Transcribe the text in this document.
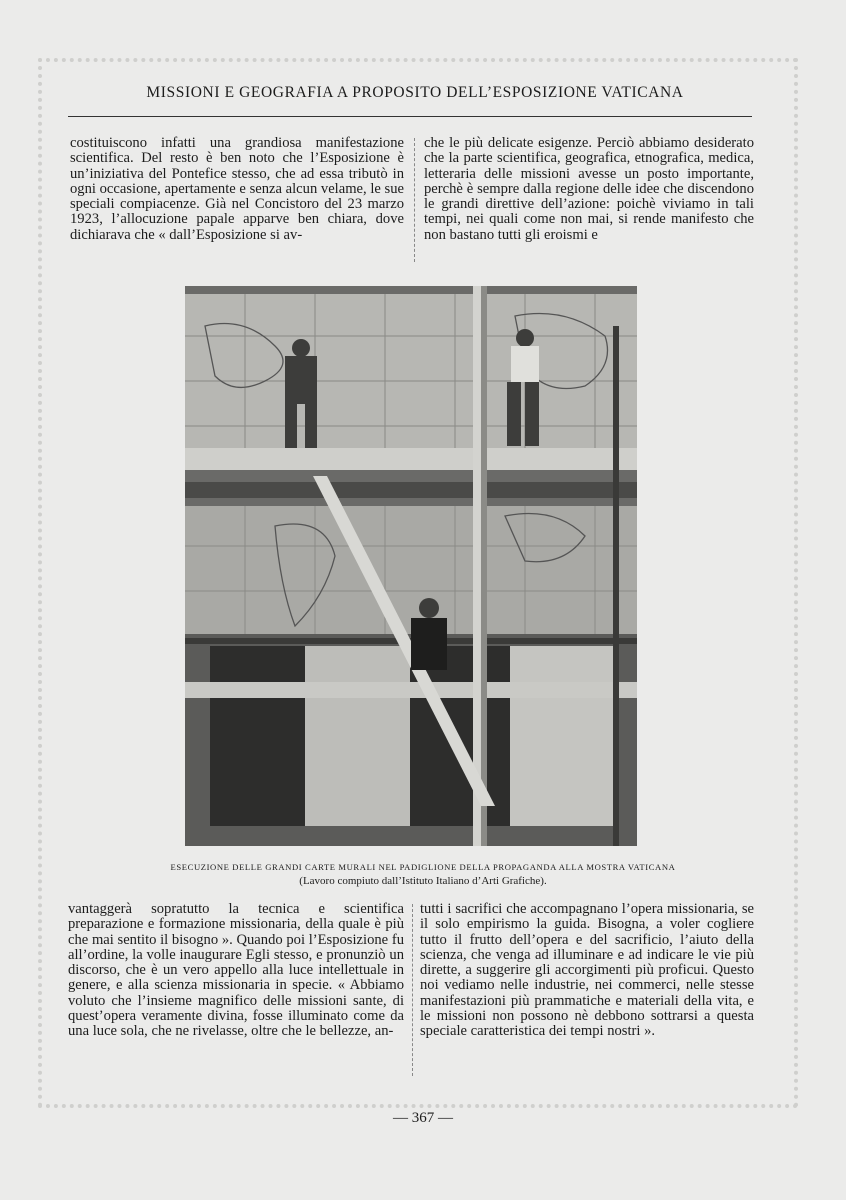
MISSIONI E GEOGRAFIA A PROPOSITO DELL’ESPOSIZIONE VATICANA

costituiscono infatti una grandiosa manifestazione scientifica. Del resto è ben noto che l’Esposizione è un’iniziativa del Pontefice stesso, che ad essa tributò in ogni occasione, apertamente e senza alcun velame, le sue speciali compiacenze. Già nel Concistoro del 23 marzo 1923, l’allocuzione papale apparve ben chiara, dove dichiarava che « dall’Esposizione si av-

che le più delicate esigenze. Perciò abbiamo desiderato che la parte scientifica, geografica, etnografica, medica, letteraria delle missioni avesse un posto importante, perchè è sempre dalla regione delle idee che discendono le grandi direttive dell’azione: poichè viviamo in tali tempi, nei quali come non mai, si rende manifesto che non bastano tutti gli eroismi e

ESECUZIONE DELLE GRANDI CARTE MURALI NEL PADIGLIONE DELLA PROPAGANDA ALLA MOSTRA VATICANA

(Lavoro compiuto dall’Istituto Italiano d’Arti Grafiche).

vantaggerà sopratutto la tecnica e scientifica preparazione e formazione missionaria, della quale è più che mai sentito il bisogno ». Quando poi l’Esposizione fu all’ordine, la volle inaugurare Egli stesso, e pronunziò un discorso, che è un vero appello alla luce intellettuale in genere, e alla scienza missionaria in specie. « Abbiamo voluto che l’insieme magnifico delle missioni sante, di quest’opera veramente divina, fosse illuminato come da una luce sola, che ne rivelasse, oltre che le bellezze, an-

tutti i sacrifici che accompagnano l’opera missionaria, se il solo empirismo la guida. Bisogna, a voler cogliere tutto il frutto dell’opera e del sacrificio, l’aiuto della scienza, che venga ad illuminare e ad indicare le vie più dirette, a suggerire gli accorgimenti più proficui. Questo noi vediamo nelle industrie, nei commerci, nelle stesse manifestazioni più prammatiche e materiali della vita, e le missioni non possono nè debbono sottrarsi a questa speciale caratteristica dei tempi nostri ».

— 367 —
